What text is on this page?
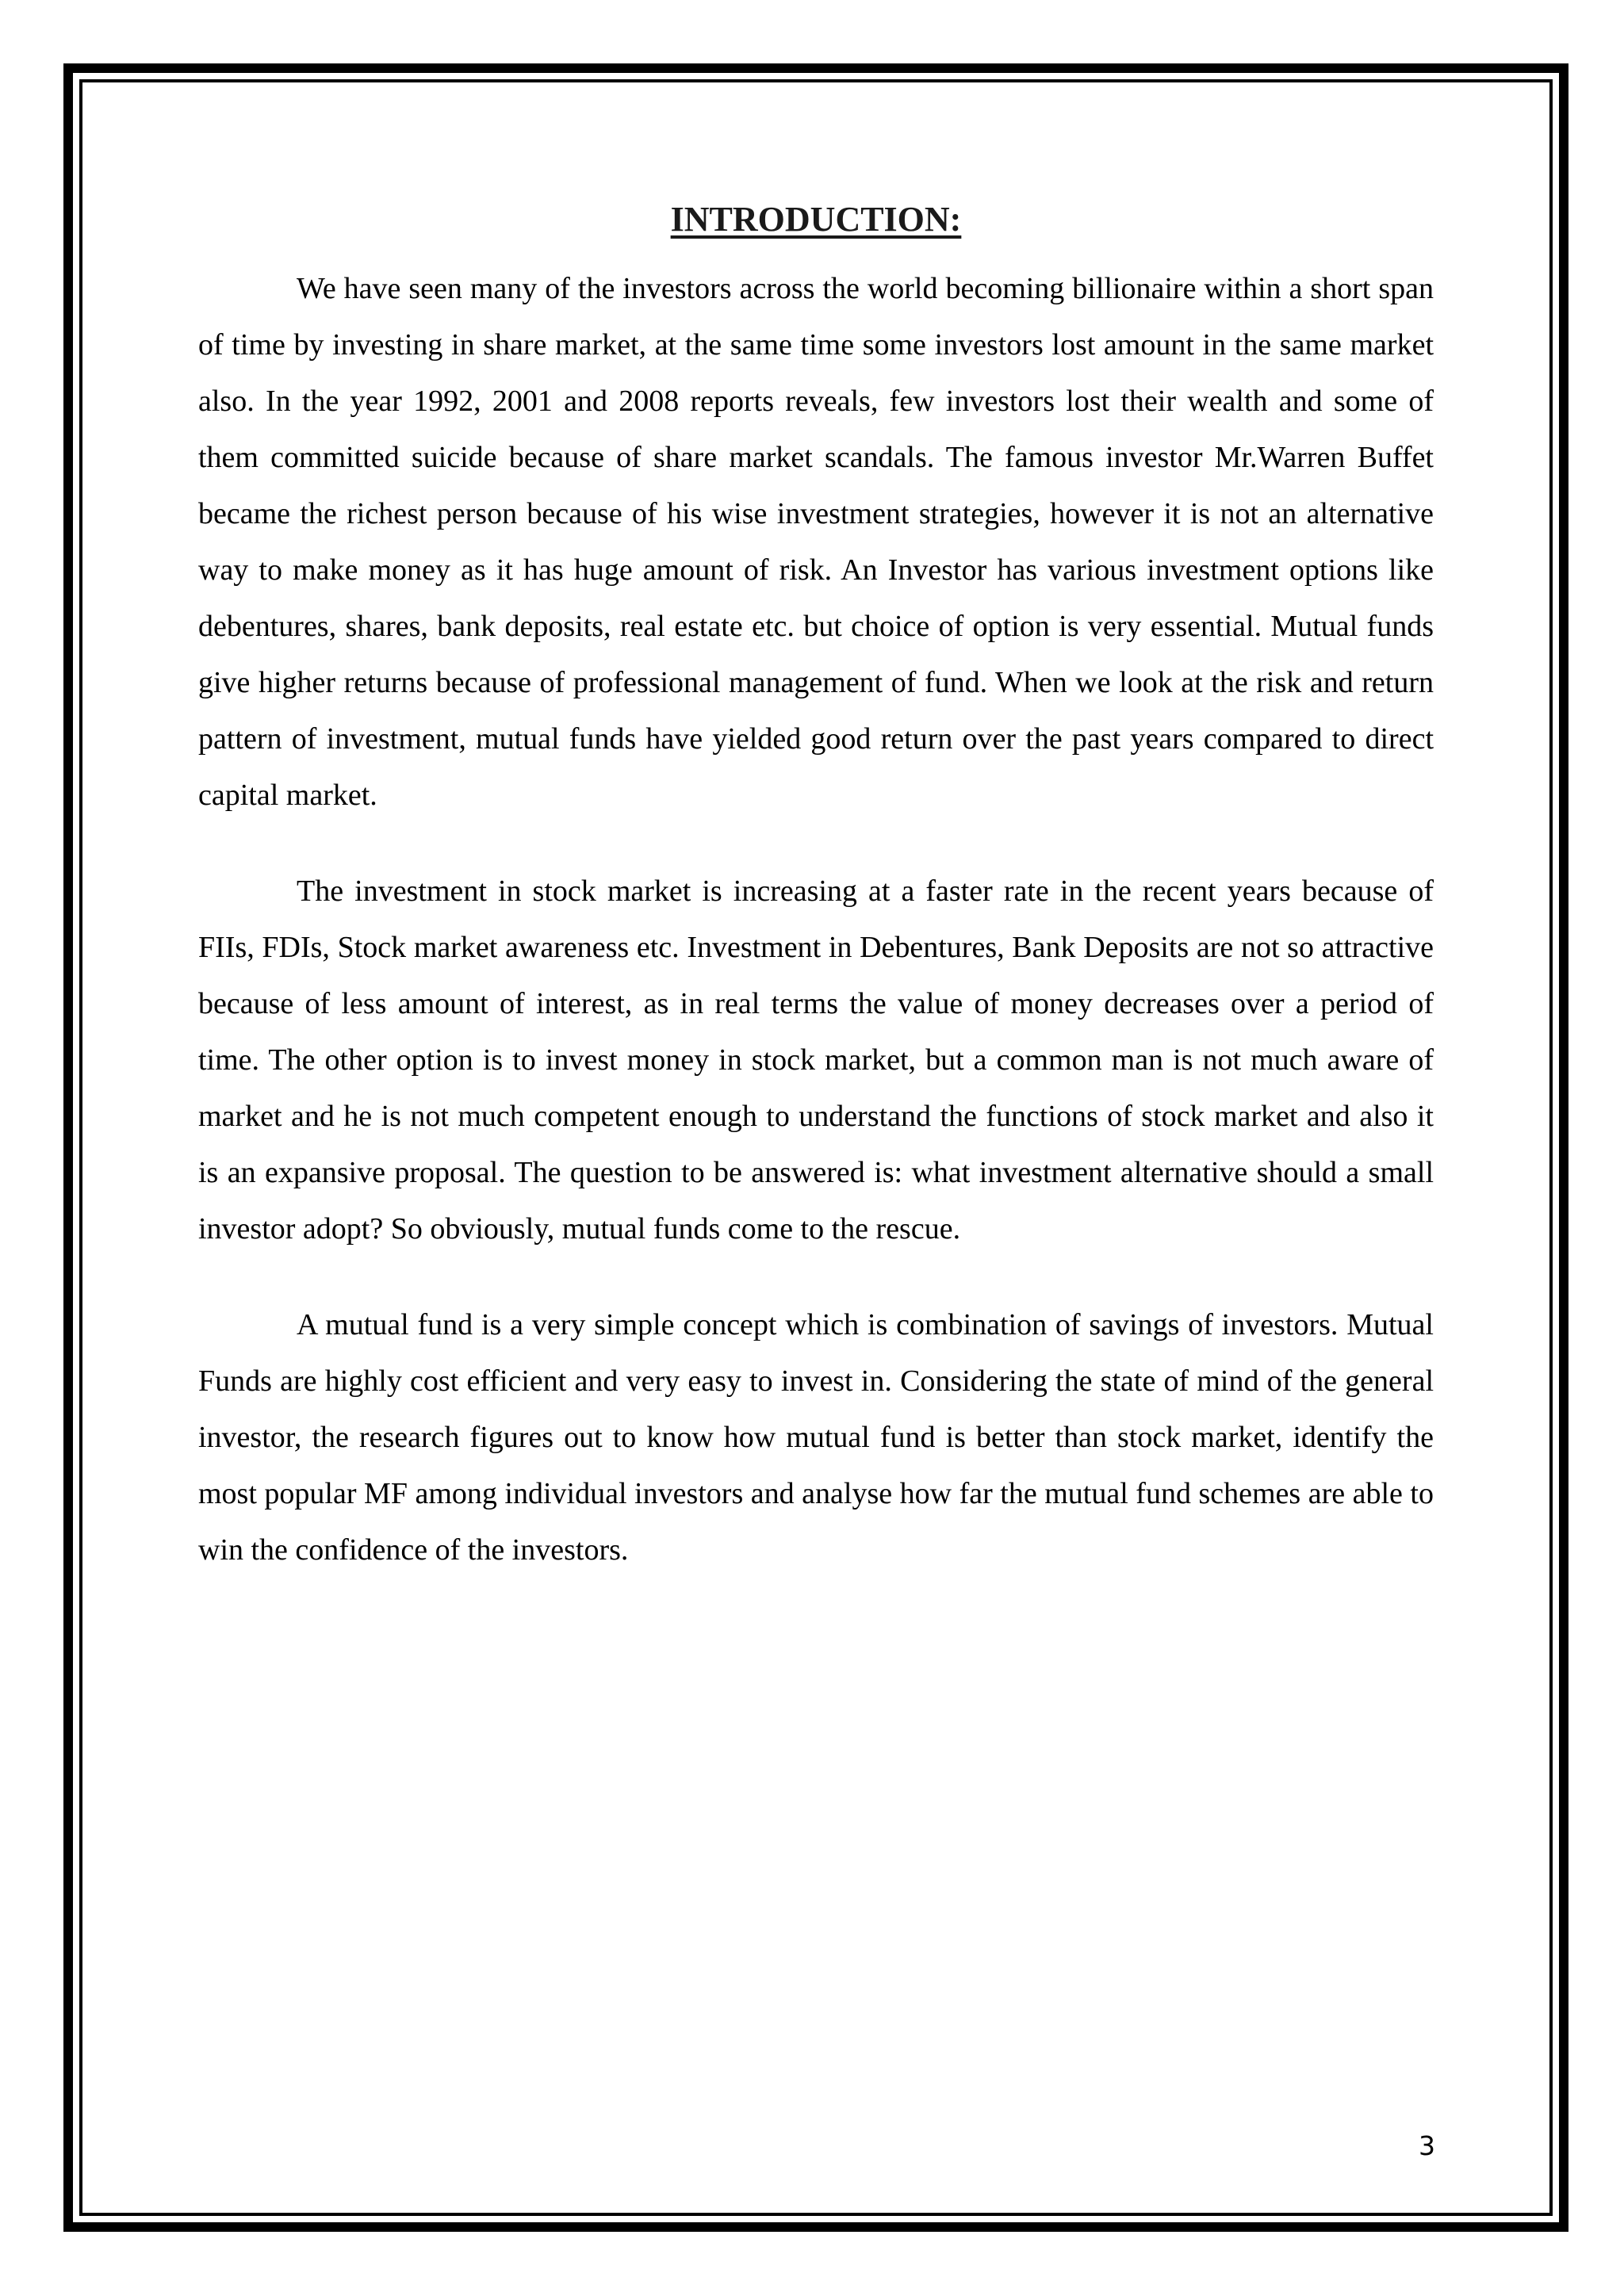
INTRODUCTION:

We have seen many of the investors across the world becoming billionaire within a short span of time by investing in share market, at the same time some investors lost amount in the same market also. In the year 1992, 2001 and 2008 reports reveals, few investors lost their wealth and some of them committed suicide because of share market scandals. The famous investor Mr.Warren Buffet became the richest person because of his wise investment strategies, however it is not an alternative way to make money as it has huge amount of risk. An Investor has various investment options like debentures, shares, bank deposits, real estate etc. but choice of option is very essential. Mutual funds give higher returns because of professional management of fund. When we look at the risk and return pattern of investment, mutual funds have yielded good return over the past years compared to direct capital market.

The investment in stock market is increasing at a faster rate in the recent years because of FIIs, FDIs, Stock market awareness etc. Investment in Debentures, Bank Deposits are not so attractive because of less amount of interest, as in real terms the value of money decreases over a period of time. The other option is to invest money in stock market, but a common man is not much aware of market and he is not much competent enough to understand the functions of stock market and also it is an expansive proposal. The question to be answered is: what investment alternative should a small investor adopt? So obviously, mutual funds come to the rescue.

A mutual fund is a very simple concept which is combination of savings of investors. Mutual Funds are highly cost efficient and very easy to invest in. Considering the state of mind of the general investor, the research figures out to know how mutual fund is better than stock market, identify the most popular MF among individual investors and analyse how far the mutual fund schemes are able to win the confidence of the investors.

3
